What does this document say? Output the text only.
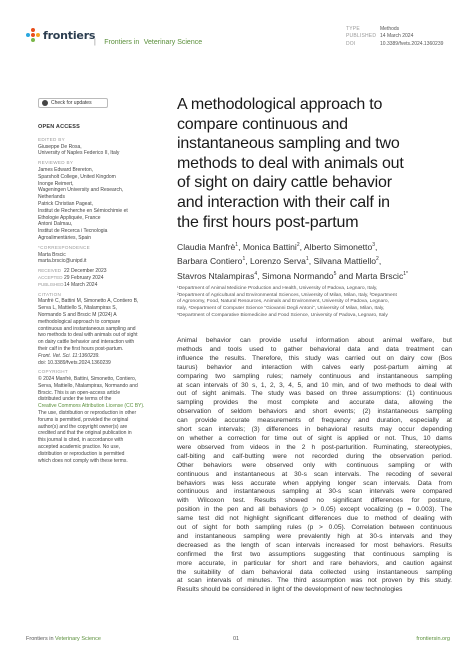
frontiers
| Frontiers in Veterinary Science
TYPE	Methods
PUBLISHED 14 March 2024
DOI	10.3389/fvets.2024.1360239
Check for updates
OPEN ACCESS
EDITED BY
Giuseppe De Rosa,
University of Naples Federico II, Italy
REVIEWED BY
James Edward Brereton,
Sparsholt College, United Kingdom
Inonge Reimert,
Wageningen University and Research,
Netherlands
Patrick Christian Pageat,
Institut de Recherche en Sémiochimie et
Ethologie Appliquée, France
Antoni Dalmau,
Institut de Recerca i Tecnologia
Agroalimentàries, Spain
*CORRESPONDENCE
Marta Brscic
marta.brscic@unipd.it
RECEIVED 22 December 2023
ACCEPTED29 February 2024
PUBLISHED14 March 2024
CITATION
Manfrè C, Battini M, Simonetto A, Contiero B,
Serva L, Mattiello S, Ntalampiras S,
Normando S and Brscic M (2024) A
methodological approach to compare
continuous and instantaneous sampling and
two methods to deal with animals out of sight
on dairy cattle behavior and interaction with
their calf in the first hours post-partum.
Front. Vet. Sci. 11:1360239.
doi: 10.3389/fvets.2024.1360239
COPYRIGHT
© 2024 Manfrè, Battini, Simonetto, Contiero,
Serva, Mattiello, Ntalampiras, Normando and
Brscic. This is an open-access article
distributed under the terms of the
Creative Commons Attribution License (CC BY).
The use, distribution or reproduction in other
forums is permitted, provided the original
author(s) and the copyright owner(s) are
credited and that the original publication in
this journal is cited, in accordance with
accepted academic practice. No use,
distribution or reproduction is permitted
which does not comply with these terms.
A methodological approach to
compare continuous and
instantaneous sampling and two
methods to deal with animals out
of sight on dairy cattle behavior
and interaction with their calf in
the first hours post-partum
Claudia Manfrè$^1$, Monica Battini$^2$, Alberto Simonetto$^3$,
Barbara Contiero$^1$, Lorenzo Serva$^1$, Silvana Mattiello$^2$,
Stavros Ntalampiras$^4$, Simona Normando$^5$ and Marta Brscic$^{1*}$
¹Department of Animal Medicine Production and Health, University of Padova, Legnaro, Italy,
²Department of Agricultural and Environmental Sciences, University of Milan, Milan, Italy, ³Department
of Agronomy, Food, Natural Resources, Animals and Environment, University of Padova, Legnaro,
Italy, ⁴Department of Computer Science "Giovanni Degli Antoni", University of Milan, Milan, Italy,
⁵Department of Comparative Biomedicine and Food Science, University of Padova, Legnaro, Italy
Animal behavior can provide useful information about animal welfare, but
methods and tools used to gather behavioral data and data treatment can
influence the results. Therefore, this study was carried out on dairy cow (Bos
taurus) behavior and interaction with calves early post-partum aiming at
comparing two sampling rules; namely continuous and instantaneous sampling
at scan intervals of 30 s, 1, 2, 3, 4, 5, and 10 min, and of two methods to deal with
out of sight animals. The study was based on three assumptions: (1) continuous
sampling provides the most complete and accurate data, allowing the
observation of seldom behaviors and short events; (2) instantaneous sampling
can provide accurate measurements of frequency and duration, especially at
short scan intervals; (3) differences in behavioral results may occur depending
on whether a correction for time out of sight is applied or not. Thus, 10 dams
were observed from videos in the 2 h post-parturition. Ruminating, stereotypies,
calf-biting and calf-butting were not recorded during the observation period.
Other behaviors were observed only with continuous sampling or with
continuous and instantaneous at 30-s scan intervals. The recoding of several
behaviors was less accurate when applying longer scan intervals. Data from
continuous and instantaneous sampling at 30-s scan intervals were compared
with Wilcoxon test. Results showed no significant differences for posture,
position in the pen and all behaviors (p > 0.05) except vocalizing (p = 0.003). The
same test did not highlight significant differences due to method of dealing with
out of sight for both sampling rules (p > 0.05). Correlation between continuous
and instantaneous sampling were prevalently high at 30-s intervals and they
decreased as the length of scan intervals increased for most behaviors. Results
confirmed the first two assumptions suggesting that continuous sampling is
more accurate, in particular for short and rare behaviors, and caution against
the suitability of dam behavioral data collected using instantaneous sampling
at scan intervals of minutes. The third assumption was not proven by this study.
Results should be considered in light of the development of new technologies
Frontiers in Veterinary Science	01	frontiersin.org
